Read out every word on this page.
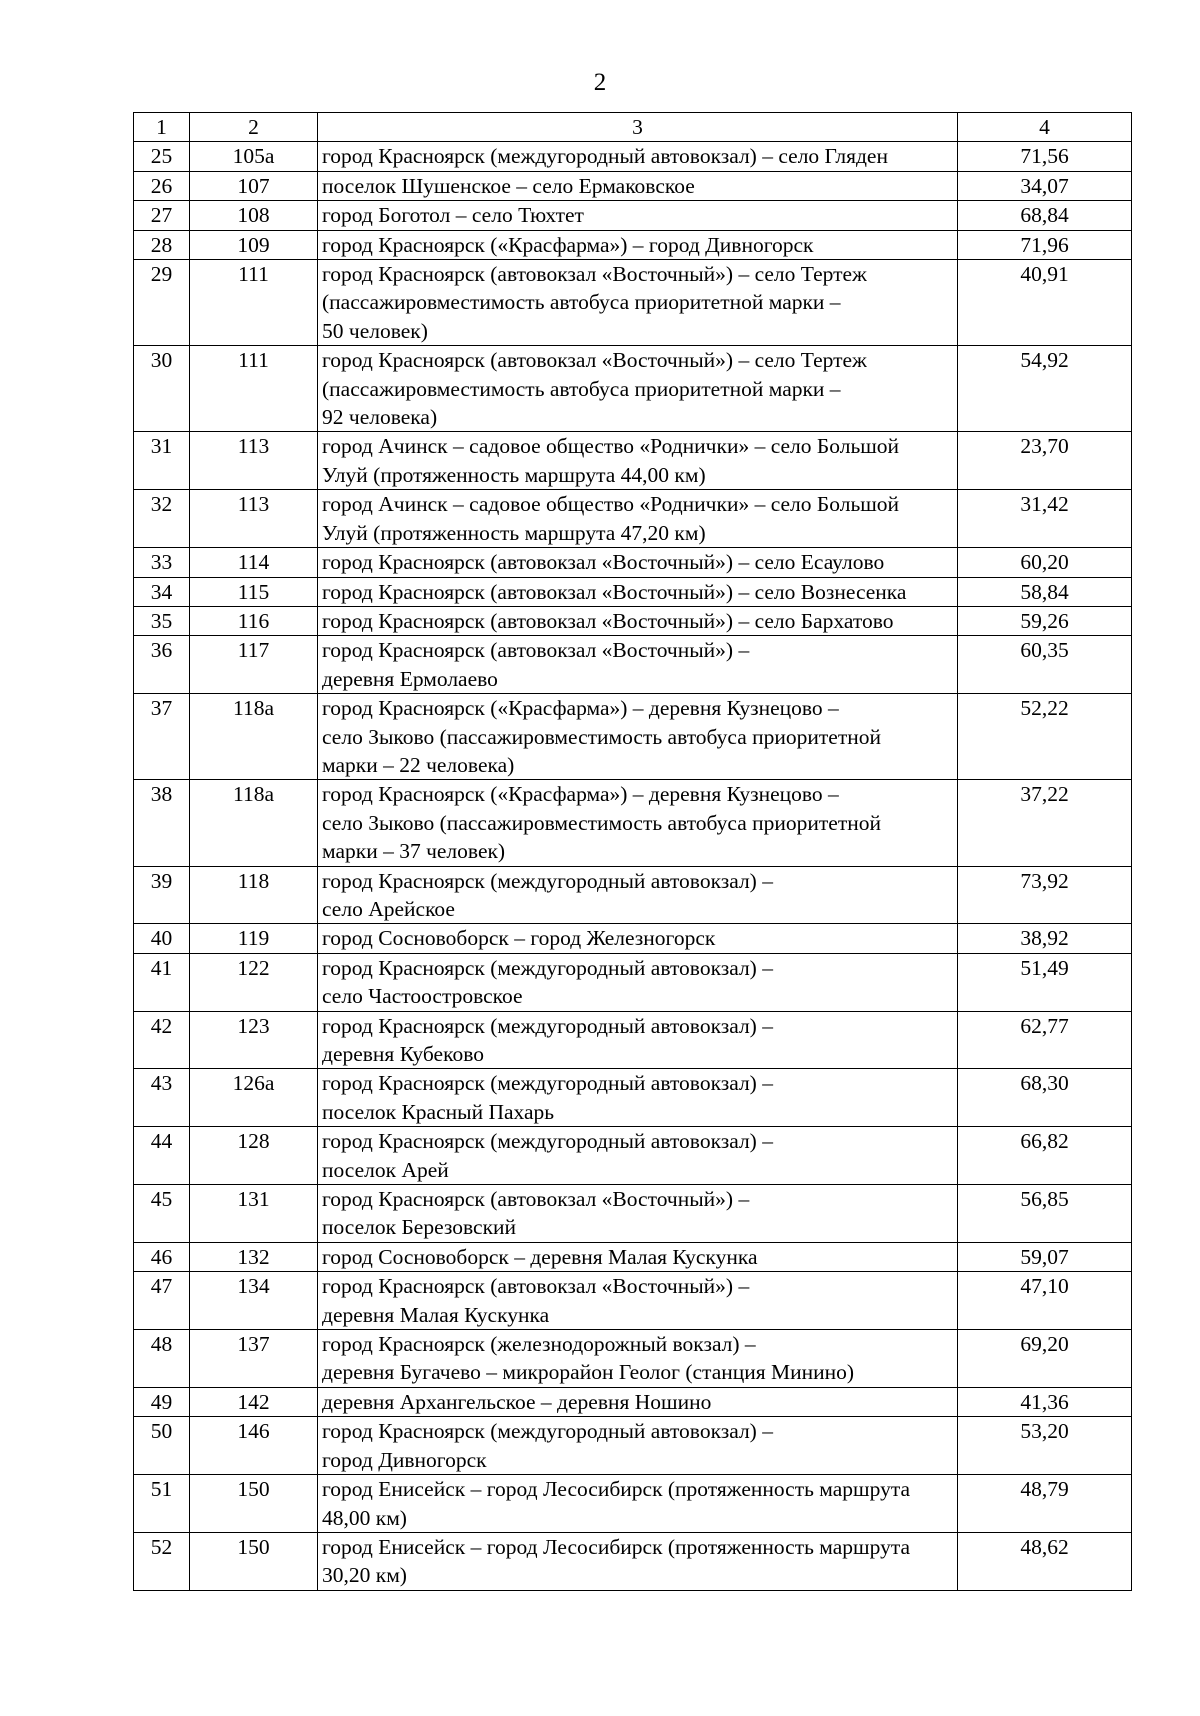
2
1	2	3	4
25	105а	город Красноярск (междугородный автовокзал) – село Гляден	71,56
26	107	поселок Шушенское – село Ермаковское	34,07
27	108	город Боготол – село Тюхтет	68,84
28	109	город Красноярск («Красфарма») – город Дивногорск	71,96
29	111	город Красноярск (автовокзал «Восточный») – село Тертеж
(пассажировместимость автобуса приоритетной марки –
50 человек)	40,91
30	111	город Красноярск (автовокзал «Восточный») – село Тертеж
(пассажировместимость автобуса приоритетной марки –
92 человека)	54,92
31	113	город Ачинск – садовое общество «Роднички» – село Большой
Улуй (протяженность маршрута 44,00 км)	23,70
32	113	город Ачинск – садовое общество «Роднички» – село Большой
Улуй (протяженность маршрута 47,20 км)	31,42
33	114	город Красноярск (автовокзал «Восточный») – село Есаулово	60,20
34	115	город Красноярск (автовокзал «Восточный») – село Вознесенка	58,84
35	116	город Красноярск (автовокзал «Восточный») – село Бархатово	59,26
36	117	город Красноярск (автовокзал «Восточный») –
деревня Ермолаево	60,35
37	118а	город Красноярск («Красфарма») – деревня Кузнецово –
село Зыково (пассажировместимость автобуса приоритетной
марки – 22 человека)	52,22
38	118а	город Красноярск («Красфарма») – деревня Кузнецово –
село Зыково (пассажировместимость автобуса приоритетной
марки – 37 человек)	37,22
39	118	город Красноярск (междугородный автовокзал) –
село Арейское	73,92
40	119	город Сосновоборск – город Железногорск	38,92
41	122	город Красноярск (междугородный автовокзал) –
село Частоостровское	51,49
42	123	город Красноярск (междугородный автовокзал) –
деревня Кубеково	62,77
43	126а	город Красноярск (междугородный автовокзал) –
поселок Красный Пахарь	68,30
44	128	город Красноярск (междугородный автовокзал) –
поселок Арей	66,82
45	131	город Красноярск (автовокзал «Восточный») –
поселок Березовский	56,85
46	132	город Сосновоборск – деревня Малая Кускунка	59,07
47	134	город Красноярск (автовокзал «Восточный») –
деревня Малая Кускунка	47,10
48	137	город Красноярск (железнодорожный вокзал) –
деревня Бугачево – микрорайон Геолог (станция Минино)	69,20
49	142	деревня Архангельское – деревня Ношино	41,36
50	146	город Красноярск (междугородный автовокзал) –
город Дивногорск	53,20
51	150	город Енисейск – город Лесосибирск (протяженность маршрута
48,00 км)	48,79
52	150	город Енисейск – город Лесосибирск (протяженность маршрута
30,20 км)	48,62
